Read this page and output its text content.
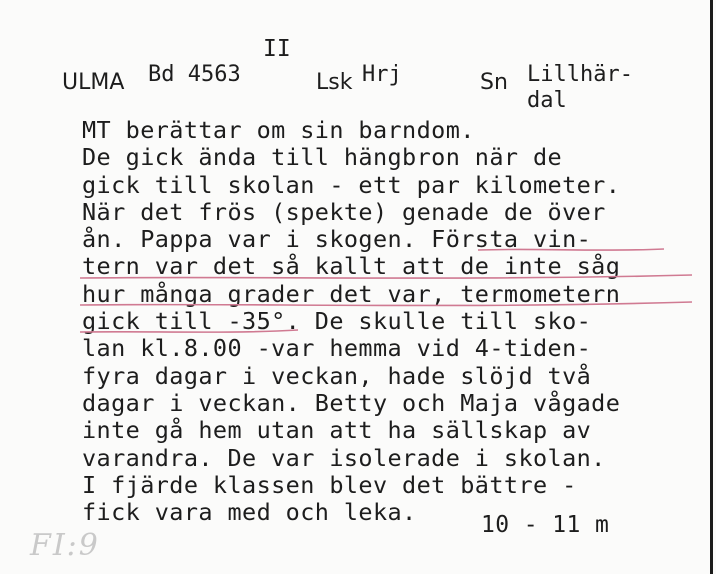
II
ULMA Bd 4563	Lsk Hrj	Sn Lillhär-
dal
MT berättar om sin barndom.
De gick ända till hängbron när de
gick till skolan - ett par kilometer.
När det frös (spekte) genade de över
ån. Pappa var i skogen. Första vin-
tern var det så kallt att de inte såg
hur många grader det var, termometern
gick till -35°. De skulle till sko-
lan kl.8.00 -var hemma vid 4-tiden-
fyra dagar i veckan, hade slöjd två
dagar i veckan. Betty och Maja vågade
inte gå hem utan att ha sällskap av
varandra. De var isolerade i skolan.
I fjärde klassen blev det bättre -
fick vara med och leka.	10 - 11 m
FI:9
